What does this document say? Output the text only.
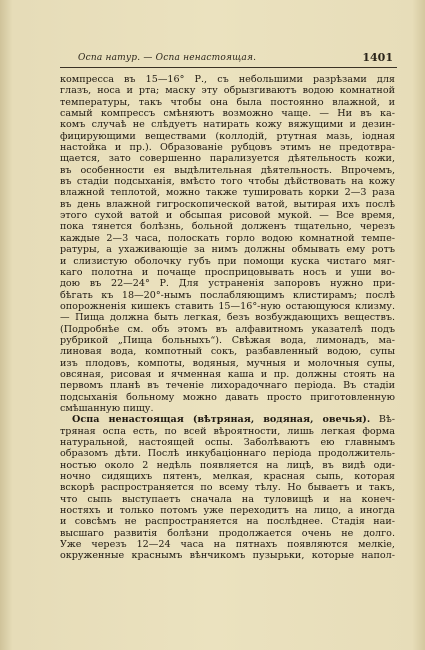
Оспа натур. — Оспа ненастоящая.	1401
компресса въ 15—16° Р., съ небольшими разрѣзами для
глазъ, носа и рта; маску эту обрызгиваютъ водою комнатной
температуры, такъ чтобы она была постоянно влажной, и
самый компрессъ смѣняютъ возможно чаще. — Ни въ ка-
комъ случаѣ не слѣдуетъ натирать кожу вяжущими и дезин-
фицирующими веществами (коллодій, ртутная мазь, іодная
настойка и пр.). Образованіе рубцовъ этимъ не предотвра-
щается, зато совершенно парализуется дѣятельность кожи,
въ особенности ея выдѣлительная дѣятельность. Впрочемъ,
въ стадіи подсыханія, вмѣсто того чтобы дѣйствовать на кожу
влажной теплотой, можно также тушировать корки 2—3 раза
въ день влажной гигроскопической ватой, вытирая ихъ послѣ
этого сухой ватой и обсыпая рисовой мукой. — Все время,
пока тянется болѣзнь, больной долженъ тщательно, черезъ
каждые 2—3 часа, полоскать горло водою комнатной темпе-
ратуры, а ухаживающіе за нимъ должны обмывать ему ротъ
и слизистую оболочку губъ при помощи куска чистаго мяг-
каго полотна и почаще просприцовывать носъ и уши во-
дою въ 22—24° Р. Для устраненія запоровъ нужно при-
бѣгать къ 18—20°-нымъ послабляющимъ клистирамъ; послѣ
опорожненія кишекъ ставить 15—16°-ную остающуюся клизму.
— Пища должна быть легкая, безъ возбуждающихъ веществъ.
(Подробнѣе см. объ этомъ въ алфавитномъ указателѣ подъ
рубрикой „Пища больныхъ“). Свѣжая вода, лимонадъ, ма-
линовая вода, компотный сокъ, разбавленный водою, супы
изъ плодовъ, компоты, водяныя, мучныя и молочныя супы,
овсяная, рисовая и ячменная каша и пр. должны стоять на
первомъ планѣ въ теченіе лихорадочнаго періода. Въ стадіи
подсыханія больному можно давать просто приготовленную
смѣшанную пищу.
Оспа ненастоящая (вѣтряная, водяная, овечья). Вѣ-
тряная оспа есть, по всей вѣроятности, лишь легкая форма
натуральной, настоящей оспы. Заболѣваютъ ею главнымъ
образомъ дѣти. Послѣ инкубаціоннаго періода продолжитель-
ностью около 2 недѣль появляется на лицѣ, въ видѣ оди-
ночно сидящихъ пятенъ, мелкая, красная сыпь, которая
вскорѣ распространяется по всему тѣлу. Но бываетъ и такъ,
что сыпь выступаетъ сначала на туловищѣ и на конеч-
ностяхъ и только потомъ уже переходитъ на лицо, а иногда
и совсѣмъ не распространяется на послѣднее. Стадія наи-
высшаго развитія болѣзни продолжается очень не долго.
Уже черезъ 12—24 часа на пятнахъ появляются мелкіе,
окруженные краснымъ вѣнчикомъ пузырьки, которые напол-
